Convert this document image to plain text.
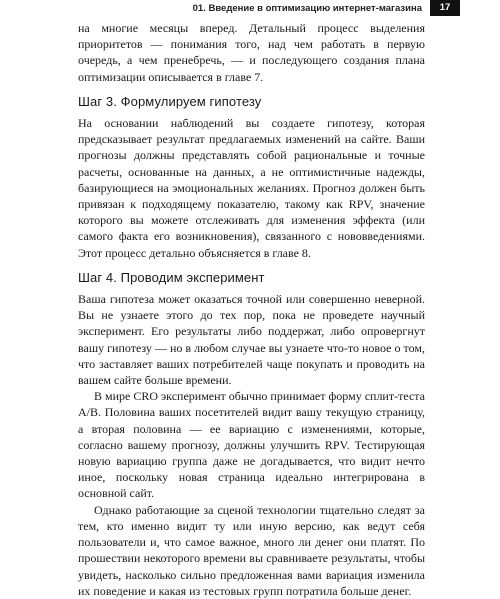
01. Введение в оптимизацию интернет-магазина	17

на многие месяцы вперед. Детальный процесс выделения приоритетов — понимания того, над чем работать в первую очередь, а чем пренебречь, — и последующего создания плана оптимизации описывается в главе 7.

Шаг 3. Формулируем гипотезу

На основании наблюдений вы создаете гипотезу, которая предсказывает результат предлагаемых изменений на сайте. Ваши прогнозы должны представлять собой рациональные и точные расчеты, основанные на данных, а не оптимистичные надежды, базирующиеся на эмоциональных желаниях. Прогноз должен быть привязан к подходящему показателю, такому как RPV, значение которого вы можете отслеживать для изменения эффекта (или самого факта его возникновения), связанного с нововведениями. Этот процесс детально объясняется в главе 8.

Шаг 4. Проводим эксперимент

Ваша гипотеза может оказаться точной или совершенно неверной. Вы не узнаете этого до тех пор, пока не проведете научный эксперимент. Его результаты либо поддержат, либо опровергнут вашу гипотезу — но в любом случае вы узнаете что-то новое о том, что заставляет ваших потребителей чаще покупать и проводить на вашем сайте больше времени.

В мире CRO эксперимент обычно принимает форму сплит-теста A/B. Половина ваших посетителей видит вашу текущую страницу, а вторая половина — ее вариацию с изменениями, которые, согласно вашему прогнозу, должны улучшить RPV. Тестирующая новую вариацию группа даже не догадывается, что видит нечто иное, поскольку новая страница идеально интегрирована в основной сайт.

Однако работающие за сценой технологии тщательно следят за тем, кто именно видит ту или иную версию, как ведут себя пользователи и, что самое важное, много ли денег они платят. По прошествии некоторого времени вы сравниваете результаты, чтобы увидеть, насколько сильно предложенная вами вариация изменила их поведение и какая из тестовых групп потратила больше денег.
